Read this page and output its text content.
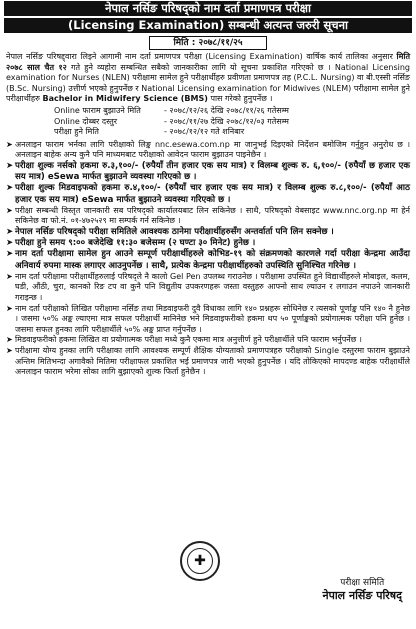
नेपाल नर्सिङ परिषद्को नाम दर्ता प्रमाणपत्र परीक्षा
(Licensing Examination) सम्बन्धी अत्यन्त जरुरी सूचना
मिति : २०७८/११/२५
नेपाल नर्सिङ परिषद्द्वारा लिइने आगामी नाम दर्ता प्रमाणपत्र परीक्षा (Licensing Examination) वार्षिक कार्य तालिका अनुसार मिति २०७८ साल चैत १२ गते हुने व्यहोरा सम्बन्धित सबैको जानकारीका लागि यो सूचना प्रकाशित गरिएको छ । National Licensing examination for Nurses (NLEN) परीक्षामा सामेल हुने परीक्षार्थीहरु प्रवीणता प्रमाणपत्र तह (P.C.L. Nursing) वा बी.एस्सी नर्सिङ (B.Sc. Nursing) उत्तीर्ण भएको हुनुपर्नेछ र National Licensing examination for Midwives (NLEM) परीक्षामा सामेल हुने परीक्षार्थीहरु Bachelor in Midwifery Science (BMS) पास गरेको हुनुपर्नेछ ।
Online फाराम बुझाउने मिति	- २०७८/१२/२६ देखि २०७८/११/२६ गतेसम्म
Online दोब्बर दस्तुर	- २०७८/११/२७ देखि २०७८/१२/०३ गतेसम्म
परीक्षा हुने मिति	- २०७८/१२/१२ गते शनिबार
➤ अनलाइन फाराम भर्नका लागि परीक्षाको लिङ्क nnc.esewa.com.np मा जानुभई दिइएको निर्देशन बमोजिम गर्नुहुन अनुरोध छ । अनलाइन बाहेक अन्य कुनै पनि माध्यमबाट परीक्षाको आवेदन फाराम बुझाउन पाइनेछैन ।
➤ परीक्षा शुल्क नर्सको हकमा रु.३,१००/- (रुपैयाँ तीन हजार एक सय मात्र) र विलम्ब शुल्क रु. ६,१००/- (रुपैयाँ छ हजार एक सय मात्र) eSewa मार्फत बुझाउने व्यवस्था गरिएको छ ।
➤ परीक्षा शुल्क मिडवाइफको हकमा रु.४,१००/- (रुपैयाँ चार हजार एक सय मात्र) र विलम्ब शुल्क रु.८,१००/- (रुपैयाँ आठ हजार एक सय मात्र) eSewa मार्फत बुझाउने व्यवस्था गरिएको छ ।
➤ परीक्षा सम्बन्धी विस्तृत जानकारी सब परिषद्को कार्यालयबाट लिन सकिनेछ । साथै, परिषद्को वेबसाइट www.nnc.org.np मा हेर्न सकिनेछ वा फो.नं. ०१-४७२५२९ मा सम्पर्क गर्न सकिनेछ ।
➤ नेपाल नर्सिङ परिषद्को परीक्षा समितिले आवश्यक ठानेमा परीक्षार्थीहरुसँग अन्तर्वार्ता पनि लिन सक्नेछ ।
➤ परीक्षा हुने समय ९:०० बजेदेखि ११:३० बजेसम्म (२ घण्टा ३० मिनेट) हुनेछ ।
➤ नाम दर्ता परीक्षामा सामेल हुन आउने सम्पूर्ण परीक्षार्थीहरुले कोभिड-१९ को संक्रमणको कारणले गर्दा परीक्षा केन्द्रमा आउँदा अनिवार्य रुपमा मास्क लगाएर आउनुपर्नेछ । साथै, प्रत्येक केन्द्रमा परीक्षार्थीहरुको उपस्थिति सुनिश्चित गरिनेछ ।
➤ नाम दर्ता परीक्षामा परीक्षार्थीहरुलाई परिषद्ले नै कालो Gel Pen उपलब्ध गराउनेछ । परीक्षामा उपस्थित हुने विद्यार्थीहरुले मोबाइल, कलम, घडी, औंठी, चुरा, कानको रिङ टप वा कुनै पनि विद्युतीय उपकरणहरू जस्ता वस्तुहरु आफ्नो साथ ल्याउन र लगाउन नपाउने जानकारी गराइन्छ ।
➤ नाम दर्ता परीक्षाको लिखित परीक्षामा नर्सिङ तथा मिडवाइफरी दुवै विधाका लागि १४० प्रश्नहरू सोधिनेछ र त्यसको पूर्णाङ्क पनि १४० नै हुनेछ । जसमा ५०% अङ्क ल्याएमा मात्र सफल परीक्षार्थी मानिनेछ भने मिडवाइफरीको हकमा थप ५० पूर्णाङ्कको प्रयोगात्मक परीक्षा पनि हुनेछ । जसमा सफल हुनका लागि परीक्षार्थीले ५०% अङ्क प्राप्त गर्नुपर्नेछ ।
➤ मिडवाइफरीको हकमा लिखित वा प्रयोगात्मक परीक्षा मध्ये कुनै एकमा मात्र अनुत्तीर्ण हुने परीक्षार्थीले पनि फाराम भर्नुपर्नेछ ।
➤ परीक्षामा योग्य हुनका लागि परीक्षाका लागि आवश्यक सम्पूर्ण शैक्षिक योग्यताको प्रमाणपत्रहरु परीक्षाको Single दस्तुरमा फाराम बुझाउने अन्तिम मितिभन्दा अगावैको मितिमा परीक्षाफल प्रकाशित भई प्रमाणपत्र जारी भएको हुनुपर्नेछ । यदि तोकिएको मापदण्ड बाहेक परीक्षार्थीले अनलाइन फाराम भरेमा सोका लागि बुझाएको शुल्क फिर्ता हुनेछैन ।
✚
परीक्षा समिति
नेपाल नर्सिङ परिषद्
